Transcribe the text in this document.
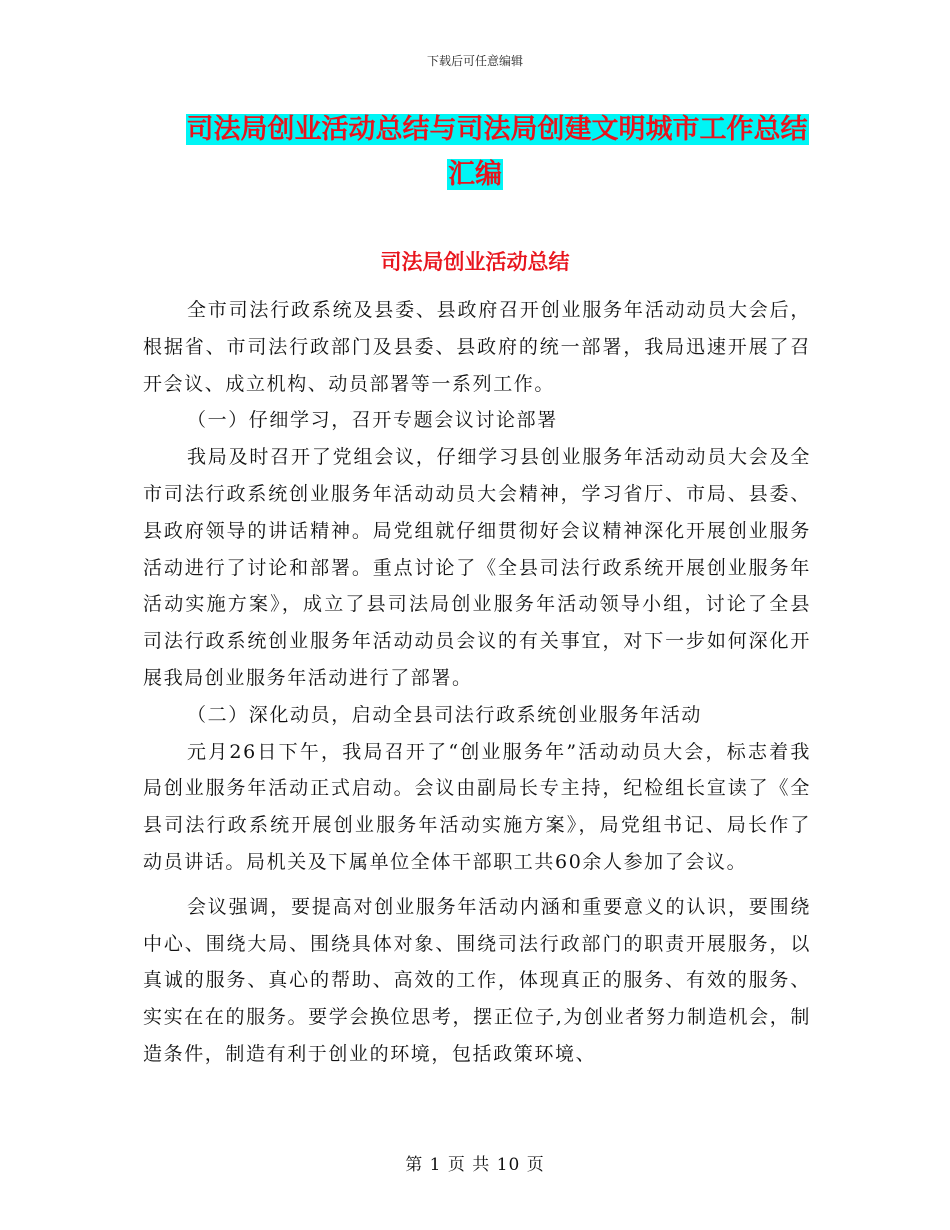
下载后可任意编辑
司法局创业活动总结与司法局创建文明城市工作总结
汇编
司法局创业活动总结

全市司法行政系统及县委、县政府召开创业服务年活动动员大会后，根据省、市司法行政部门及县委、县政府的统一部署，我局迅速开展了召开会议、成立机构、动员部署等一系列工作。

（一）仔细学习，召开专题会议讨论部署

我局及时召开了党组会议，仔细学习县创业服务年活动动员大会及全市司法行政系统创业服务年活动动员大会精神，学习省厅、市局、县委、县政府领导的讲话精神。局党组就仔细贯彻好会议精神深化开展创业服务活动进行了讨论和部署。重点讨论了《全县司法行政系统开展创业服务年活动实施方案》，成立了县司法局创业服务年活动领导小组，讨论了全县司法行政系统创业服务年活动动员会议的有关事宜，对下一步如何深化开展我局创业服务年活动进行了部署。

（二）深化动员，启动全县司法行政系统创业服务年活动

元月26日下午，我局召开了“创业服务年”活动动员大会，标志着我局创业服务年活动正式启动。会议由副局长专主持，纪检组长宣读了《全县司法行政系统开展创业服务年活动实施方案》，局党组书记、局长作了动员讲话。局机关及下属单位全体干部职工共60余人参加了会议。

会议强调，要提高对创业服务年活动内涵和重要意义的认识，要围绕中心、围绕大局、围绕具体对象、围绕司法行政部门的职责开展服务，以真诚的服务、真心的帮助、高效的工作，体现真正的服务、有效的服务、实实在在的服务。要学会换位思考，摆正位子,为创业者努力制造机会，制造条件，制造有利于创业的环境，包括政策环境、

第 1 页 共 10 页
